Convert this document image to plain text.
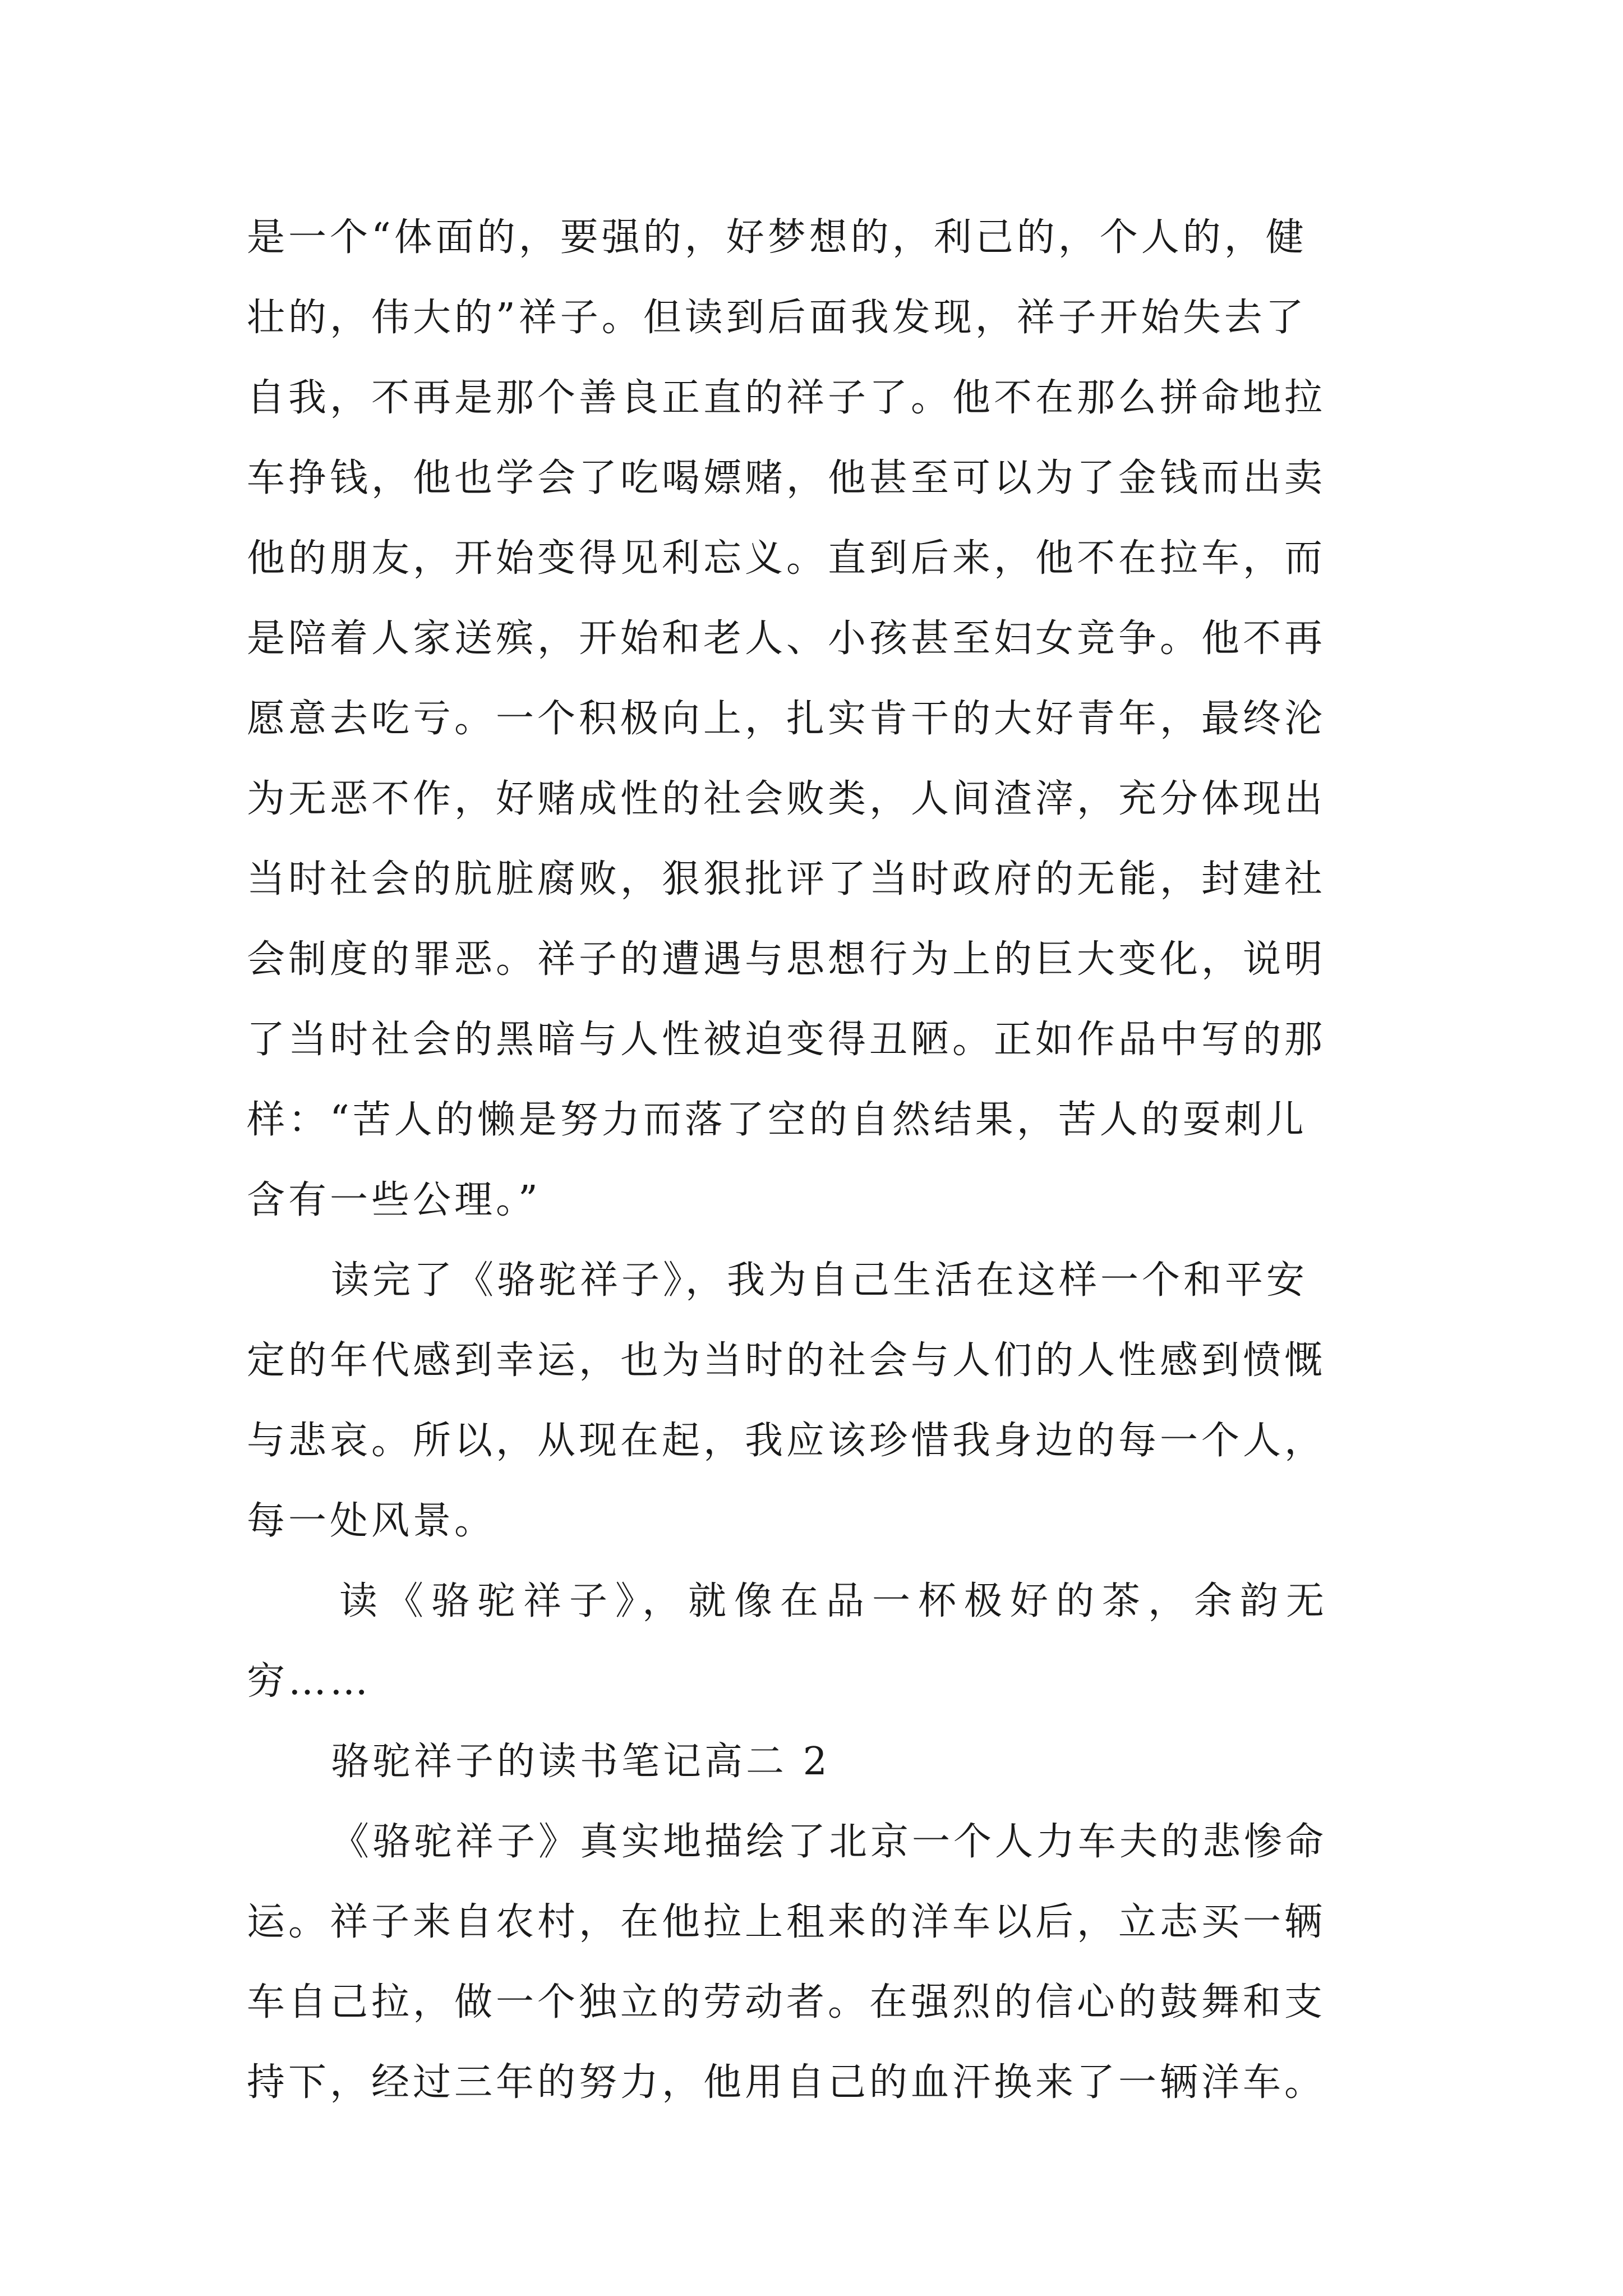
是一个“体面的，要强的，好梦想的，利己的，个人的，健
壮的，伟大的”祥子。但读到后面我发现，祥子开始失去了
自我，不再是那个善良正直的祥子了。他不在那么拼命地拉
车挣钱，他也学会了吃喝嫖赌，他甚至可以为了金钱而出卖
他的朋友，开始变得见利忘义。直到后来，他不在拉车，而
是陪着人家送殡，开始和老人、小孩甚至妇女竞争。他不再
愿意去吃亏。一个积极向上，扎实肯干的大好青年，最终沦
为无恶不作，好赌成性的社会败类，人间渣滓，充分体现出
当时社会的肮脏腐败，狠狠批评了当时政府的无能，封建社
会制度的罪恶。祥子的遭遇与思想行为上的巨大变化，说明
了当时社会的黑暗与人性被迫变得丑陋。正如作品中写的那
样：“苦人的懒是努力而落了空的自然结果，苦人的耍刺儿
含有一些公理。”
读完了《骆驼祥子》，我为自己生活在这样一个和平安
定的年代感到幸运，也为当时的社会与人们的人性感到愤慨
与悲哀。所以，从现在起，我应该珍惜我身边的每一个人，
每一处风景。
读《骆驼祥子》，就像在品一杯极好的茶，余韵无
穷……
骆驼祥子的读书笔记高二 2
《骆驼祥子》真实地描绘了北京一个人力车夫的悲惨命
运。祥子来自农村，在他拉上租来的洋车以后，立志买一辆
车自己拉，做一个独立的劳动者。在强烈的信心的鼓舞和支
持下，经过三年的努力，他用自己的血汗换来了一辆洋车。
